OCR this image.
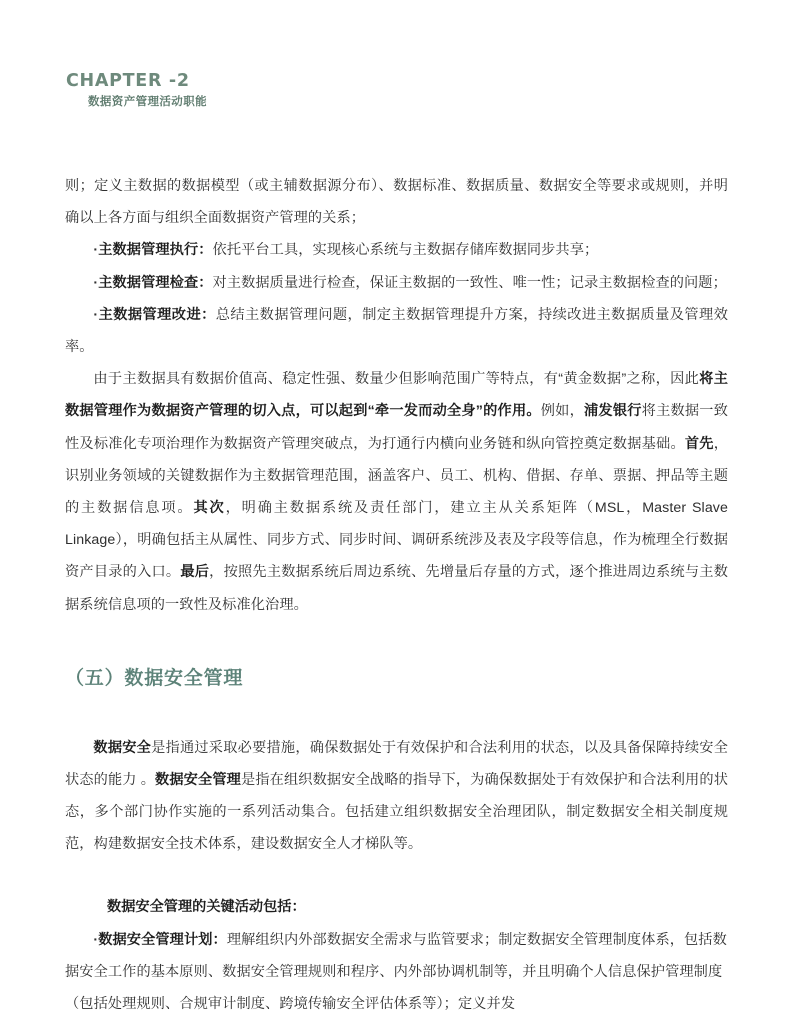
CHAPTER -2
数据资产管理活动职能

则；定义主数据的数据模型（或主辅数据源分布）、数据标准、数据质量、数据安全等要求或规则，并明确以上各方面与组织全面数据资产管理的关系；

·主数据管理执行：依托平台工具，实现核心系统与主数据存储库数据同步共享；

·主数据管理检查：对主数据质量进行检查，保证主数据的一致性、唯一性；记录主数据检查的问题；

·主数据管理改进：总结主数据管理问题，制定主数据管理提升方案，持续改进主数据质量及管理效率。

由于主数据具有数据价值高、稳定性强、数量少但影响范围广等特点，有“黄金数据”之称，因此将主数据管理作为数据资产管理的切入点，可以起到“牵一发而动全身”的作用。例如，浦发银行将主数据一致性及标准化专项治理作为数据资产管理突破点，为打通行内横向业务链和纵向管控奠定数据基础。首先，识别业务领域的关键数据作为主数据管理范围，涵盖客户、员工、机构、借据、存单、票据、押品等主题的主数据信息项。其次，明确主数据系统及责任部门，建立主从关系矩阵（MSL，Master Slave Linkage），明确包括主从属性、同步方式、同步时间、调研系统涉及表及字段等信息，作为梳理全行数据资产目录的入口。最后，按照先主数据系统后周边系统、先增量后存量的方式，逐个推进周边系统与主数据系统信息项的一致性及标准化治理。

（五）数据安全管理

数据安全是指通过采取必要措施，确保数据处于有效保护和合法利用的状态，以及具备保障持续安全状态的能力 。数据安全管理是指在组织数据安全战略的指导下，为确保数据处于有效保护和合法利用的状态，多个部门协作实施的一系列活动集合。包括建立组织数据安全治理团队，制定数据安全相关制度规范，构建数据安全技术体系，建设数据安全人才梯队等。

数据安全管理的关键活动包括：

·数据安全管理计划：理解组织内外部数据安全需求与监管要求；制定数据安全管理制度体系，包括数据安全工作的基本原则、数据安全管理规则和程序、内外部协调机制等，并且明确个人信息保护管理制度（包括处理规则、合规审计制度、跨境传输安全评估体系等）；定义并发
